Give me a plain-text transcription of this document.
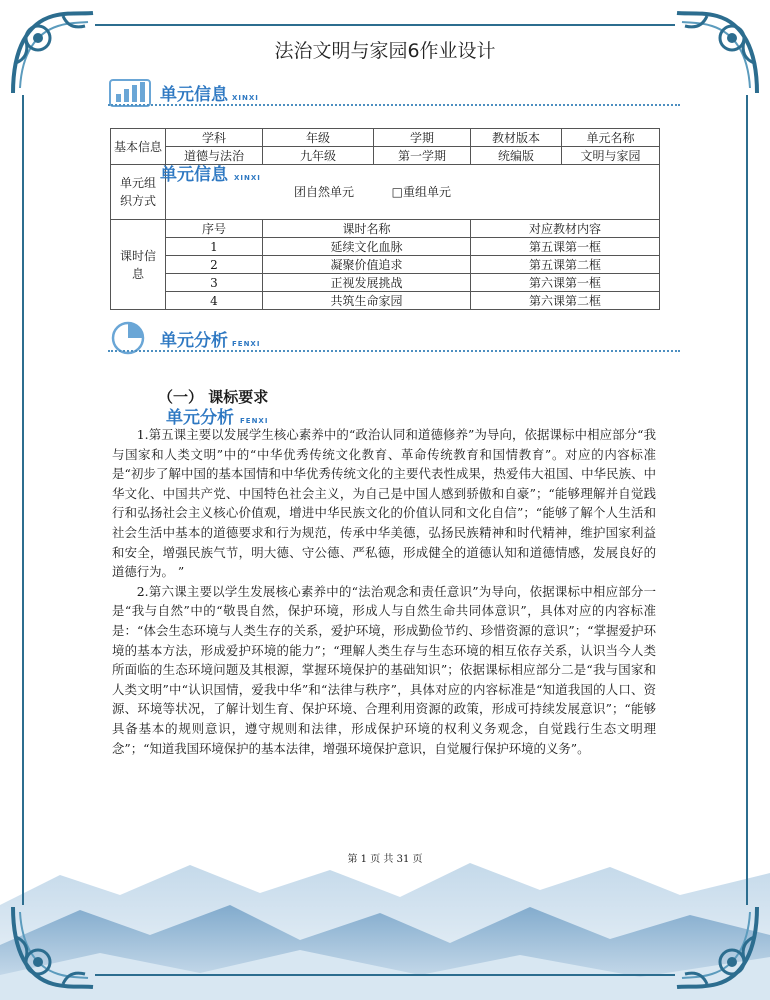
法治文明与家园6作业设计
单元信息 XINXI
基本信息	学科	年级	学期	教材版本	单元名称
	道德与法治	九年级	第一学期	统编版	文明与家园
单元组织方式	团自然单元 □重组单元				
课时信息	序号	课时名称		对应教材内容	
	1	延续文化血脉		第五课第一框	
	2	凝聚价值追求		第五课第二框	
	3	正视发展挑战		第六课第一框	
	4	共筑生命家园		第六课第二框	
单元信息 XINXI
单元分析 FENXI
（一） 课标要求
单元分析 FENXI

1.第五课主要以发展学生核心素养中的“政治认同和道德修养”为导向，依据课标中相应部分“我与国家和人类文明”中的“中华优秀传统文化教育、革命传统教育和国情教育”。对应的内容标准是“初步了解中国的基本国情和中华优秀传统文化的主要代表性成果，热爱伟大祖国、中华民族、中华文化、中国共产党、中国特色社会主义，为自己是中国人感到骄傲和自豪”；“能够理解并自觉践行和弘扬社会主义核心价值观，增进中华民族文化的价值认同和文化自信”；“能够了解个人生活和社会生活中基本的道德要求和行为规范，传承中华美德，弘扬民族精神和时代精神，维护国家利益和安全，增强民族气节，明大德、守公德、严私德，形成健全的道德认知和道德情感，发展良好的道德行为。 ”

2.第六课主要以学生发展核心素养中的“法治观念和责任意识”为导向，依据课标中相应部分一是“我与自然”中的“敬畏自然，保护环境，形成人与自然生命共同体意识”，具体对应的内容标准是：“体会生态环境与人类生存的关系，爱护环境，形成勤俭节约、珍惜资源的意识”；“掌握爱护环境的基本方法，形成爱护环境的能力”；“理解人类生存与生态环境的相互依存关系，认识当今人类所面临的生态环境问题及其根源，掌握环境保护的基础知识”；依据课标相应部分二是“我与国家和人类文明”中“认识国情，爱我中华”和“法律与秩序”，具体对应的内容标准是“知道我国的人口、资源、环境等状况，了解计划生育、保护环境、合理利用资源的政策，形成可持续发展意识”；“能够具备基本的规则意识，遵守规则和法律，形成保护环境的权利义务观念，自觉践行生态文明理念”；“知道我国环境保护的基本法律，增强环境保护意识，自觉履行保护环境的义务”。

第 1 页 共 31 页
